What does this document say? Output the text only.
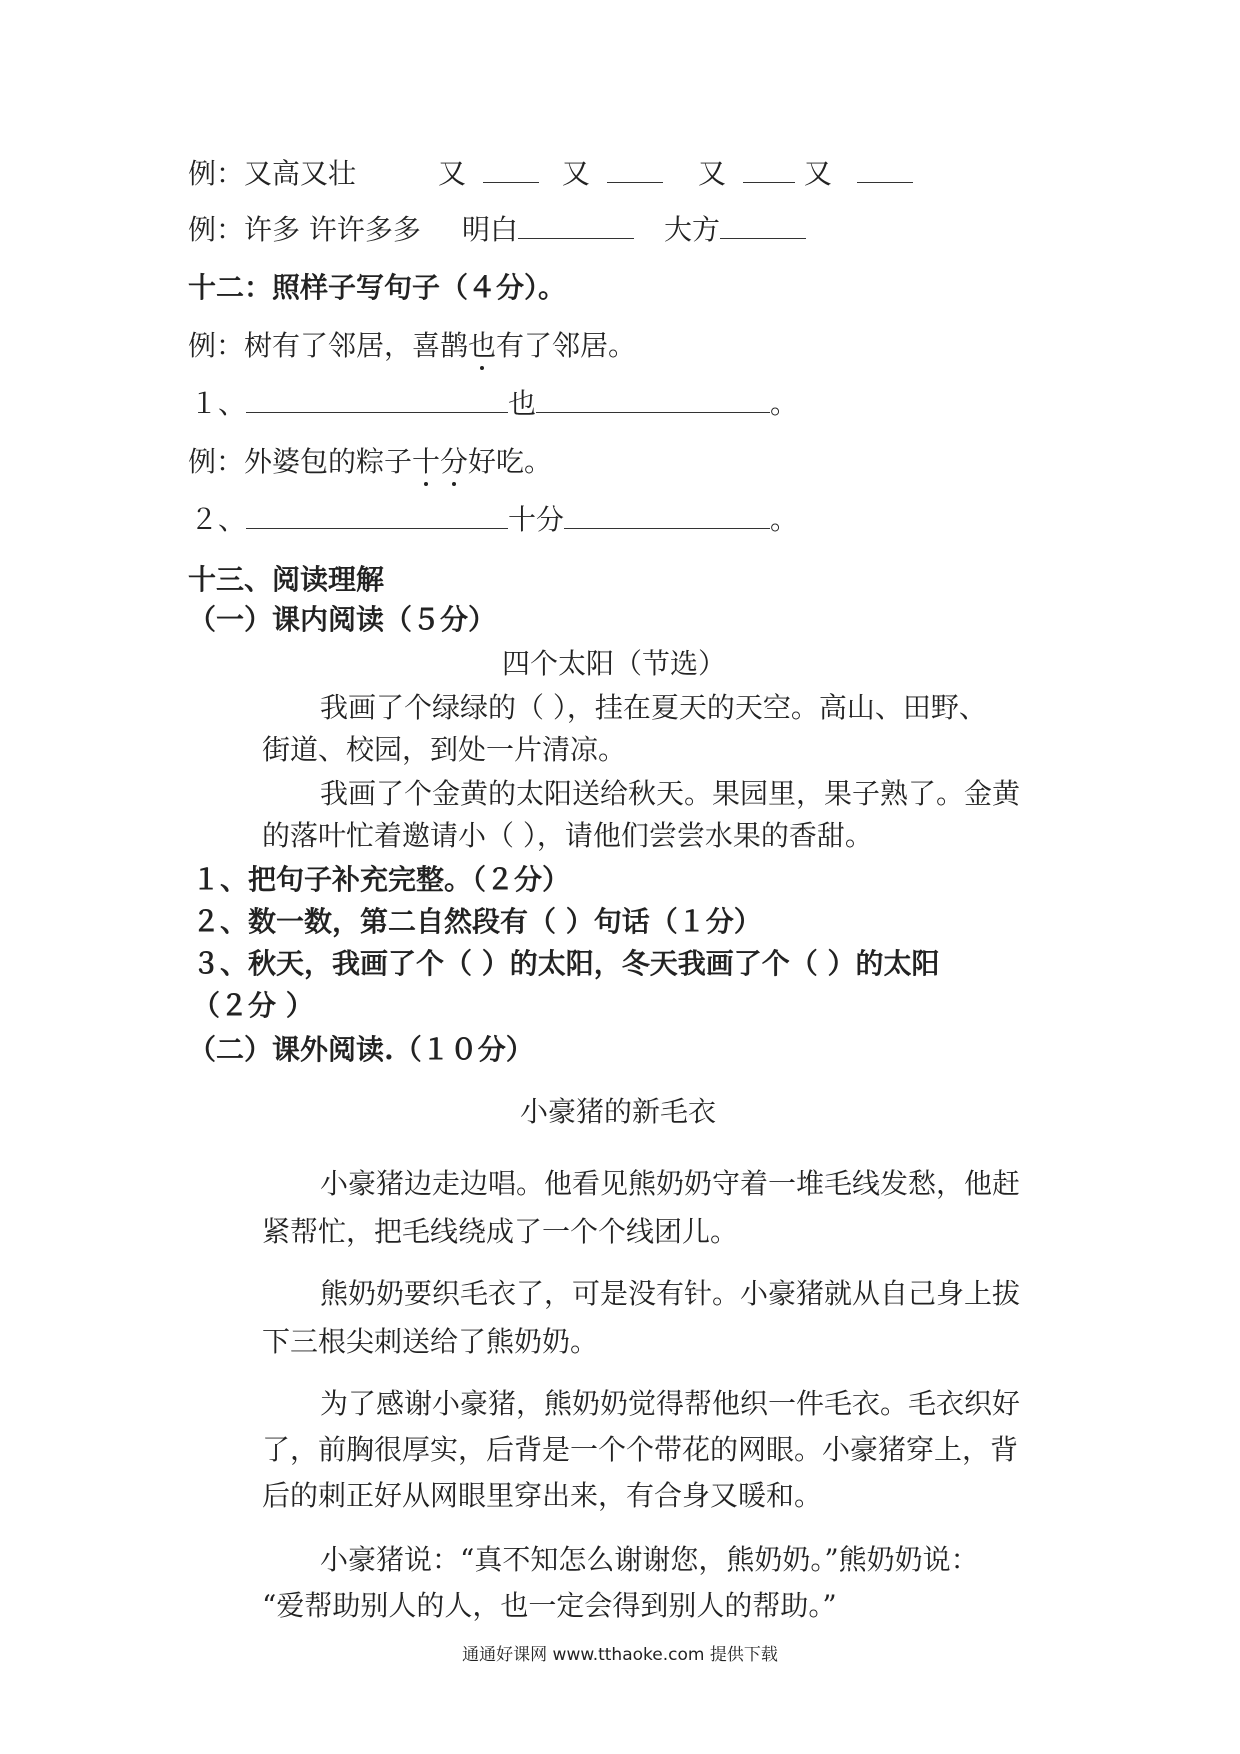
例：又高又壮	又	又	又	又
例：许多 许许多多 明白	大方
十二：照样子写句子（４分）。
例：树有了邻居，喜鹊也有了邻居。
１、	也	。
例：外婆包的粽子十分好吃。
２、	十分	。
十三、阅读理解
（一）课内阅读（５分）
四个太阳（节选）
我画了个绿绿的（ ），挂在夏天的天空。高山、田野、
街道、校园，到处一片清凉。
我画了个金黄的太阳送给秋天。果园里，果子熟了。金黄
的落叶忙着邀请小（ ），请他们尝尝水果的香甜。
１、把句子补充完整。（２分）
２、数一数，第二自然段有（ ）句话（１分）
３、秋天，我画了个（ ）的太阳，冬天我画了个（ ）的太阳
（２分 ）
（二）课外阅读.（１０分）
小豪猪的新毛衣
小豪猪边走边唱。他看见熊奶奶守着一堆毛线发愁，他赶
紧帮忙，把毛线绕成了一个个线团儿。
熊奶奶要织毛衣了，可是没有针。小豪猪就从自己身上拔
下三根尖刺送给了熊奶奶。
为了感谢小豪猪，熊奶奶觉得帮他织一件毛衣。毛衣织好
了，前胸很厚实，后背是一个个带花的网眼。小豪猪穿上，背
后的刺正好从网眼里穿出来，有合身又暖和。
小豪猪说：“真不知怎么谢谢您，熊奶奶。”熊奶奶说：
“爱帮助别人的人，也一定会得到别人的帮助。”
通通好课网 www.tthaoke.com 提供下载
